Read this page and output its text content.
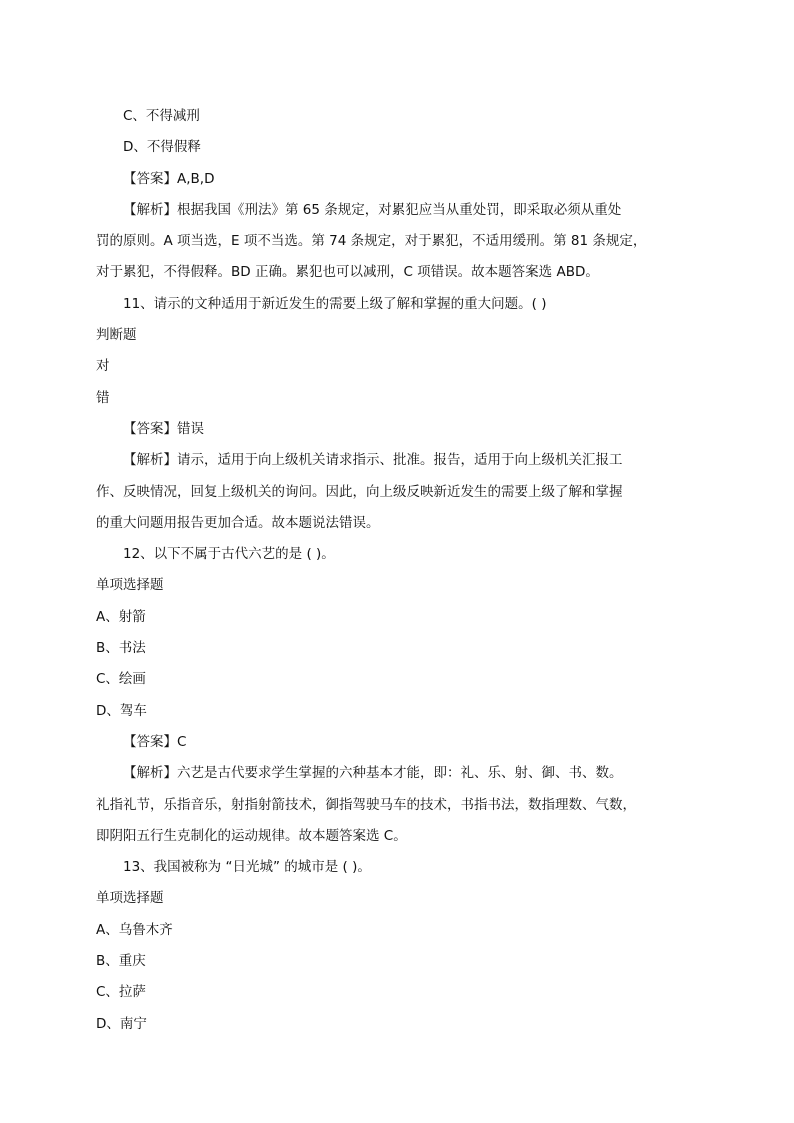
C、不得减刑
D、不得假释
【答案】A,B,D
【解析】根据我国《刑法》第 65 条规定，对累犯应当从重处罚，即采取必须从重处
罚的原则。A 项当选，E 项不当选。第 74 条规定，对于累犯，不适用缓刑。第 81 条规定，
对于累犯，不得假释。BD 正确。累犯也可以减刑，C 项错误。故本题答案选 ABD。
11、请示的文种适用于新近发生的需要上级了解和掌握的重大问题。( )
判断题
对
错
【答案】错误
【解析】请示，适用于向上级机关请求指示、批准。报告，适用于向上级机关汇报工
作、反映情况，回复上级机关的询问。因此，向上级反映新近发生的需要上级了解和掌握
的重大问题用报告更加合适。故本题说法错误。
12、以下不属于古代六艺的是 ( )。
单项选择题
A、射箭
B、书法
C、绘画
D、驾车
【答案】C
【解析】六艺是古代要求学生掌握的六种基本才能，即：礼、乐、射、御、书、数。
礼指礼节，乐指音乐，射指射箭技术，御指驾驶马车的技术，书指书法，数指理数、气数，
即阴阳五行生克制化的运动规律。故本题答案选 C。
13、我国被称为 “日光城” 的城市是 ( )。
单项选择题
A、乌鲁木齐
B、重庆
C、拉萨
D、南宁
